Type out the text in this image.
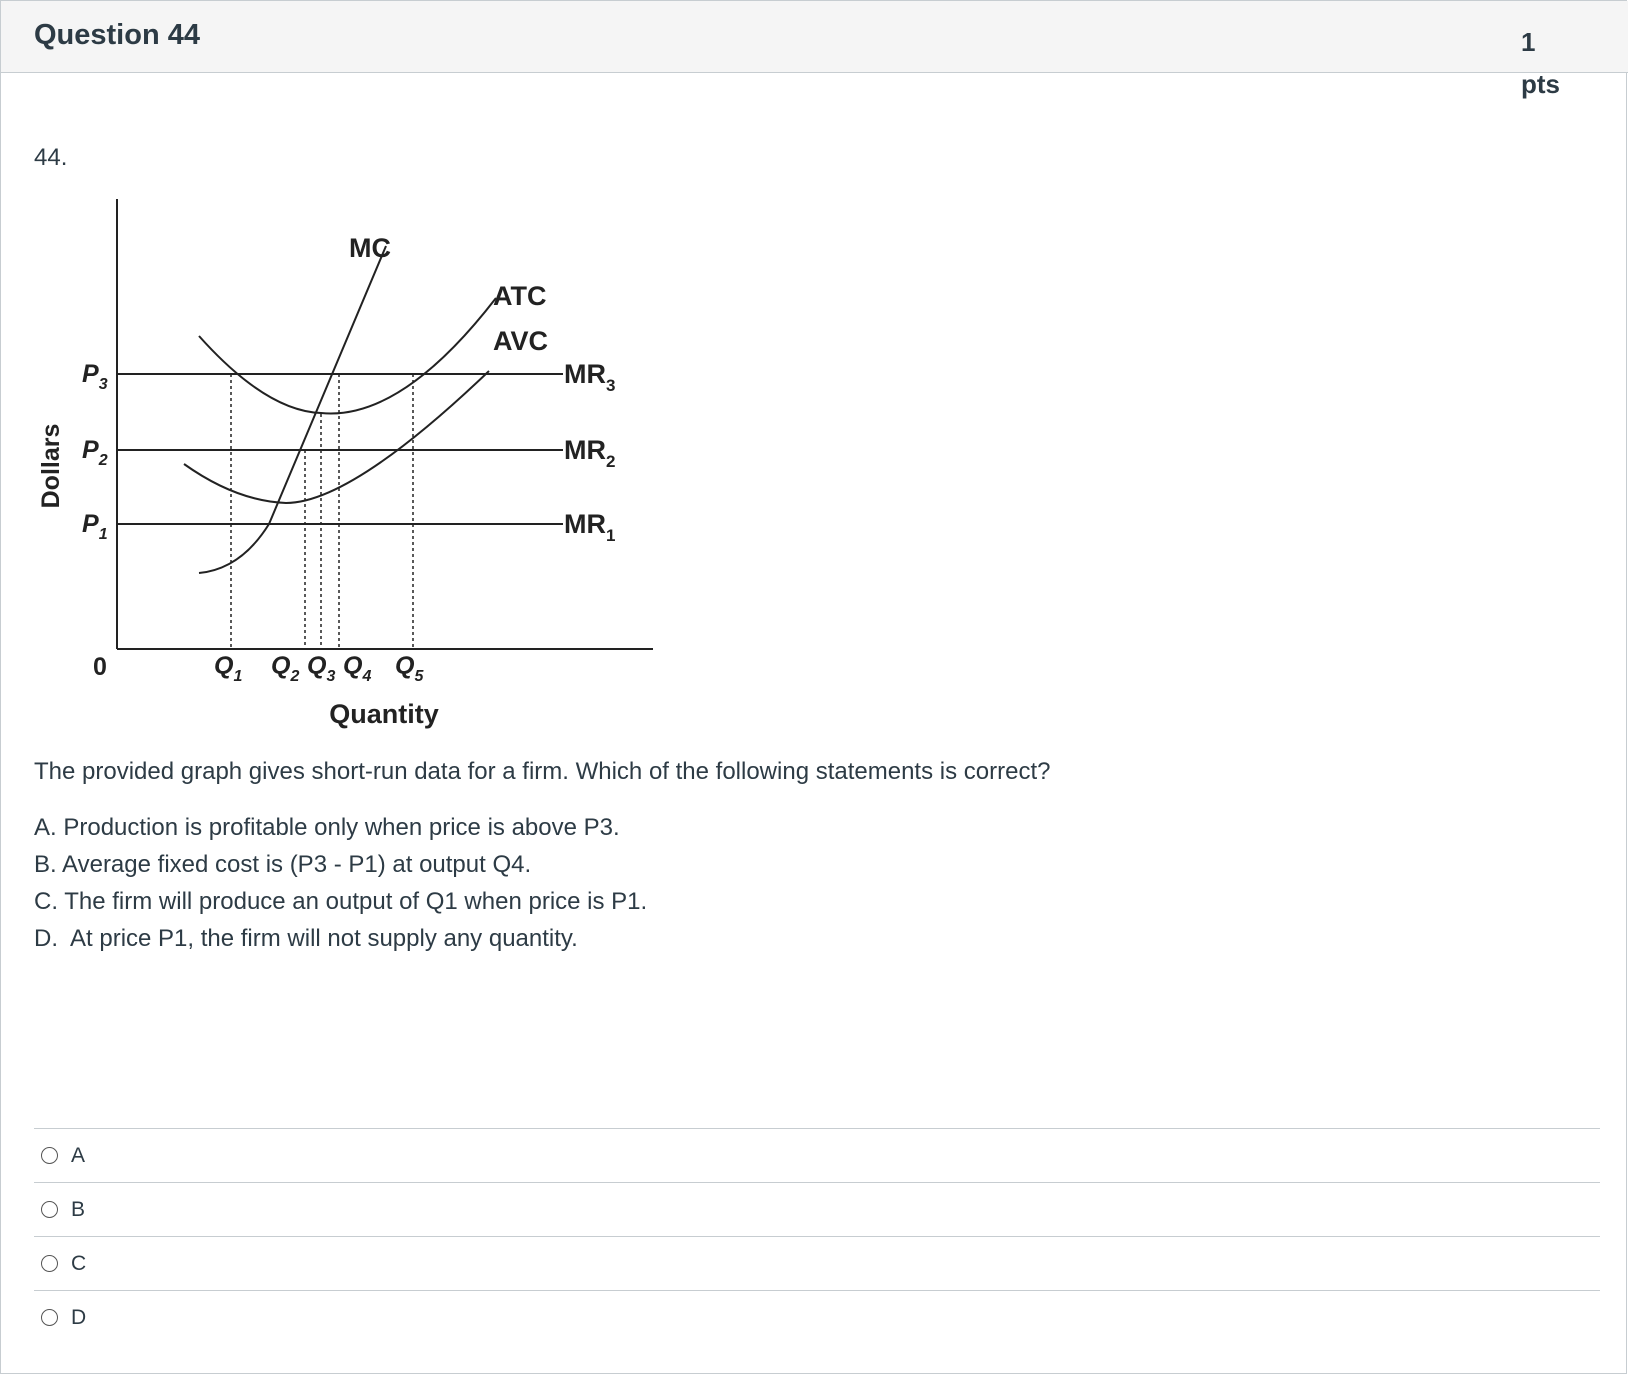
Question 44	1 pts
44.
MC
ATC
AVC
$MR_3$
$MR_2$
$MR_1$
$P_3$
$P_2$
$P_1$
Dollars
0	$Q_1$ $Q_2$ $Q_3$ $Q_4$ $Q_5$
Quantity
The provided graph gives short-run data for a firm. Which of the following statements is correct?
A. Production is profitable only when price is above P3.
B. Average fixed cost is (P3 - P1) at output Q4.
C. The firm will produce an output of Q1 when price is P1.
D.  At price P1, the firm will not supply any quantity.
A
B
C
D
